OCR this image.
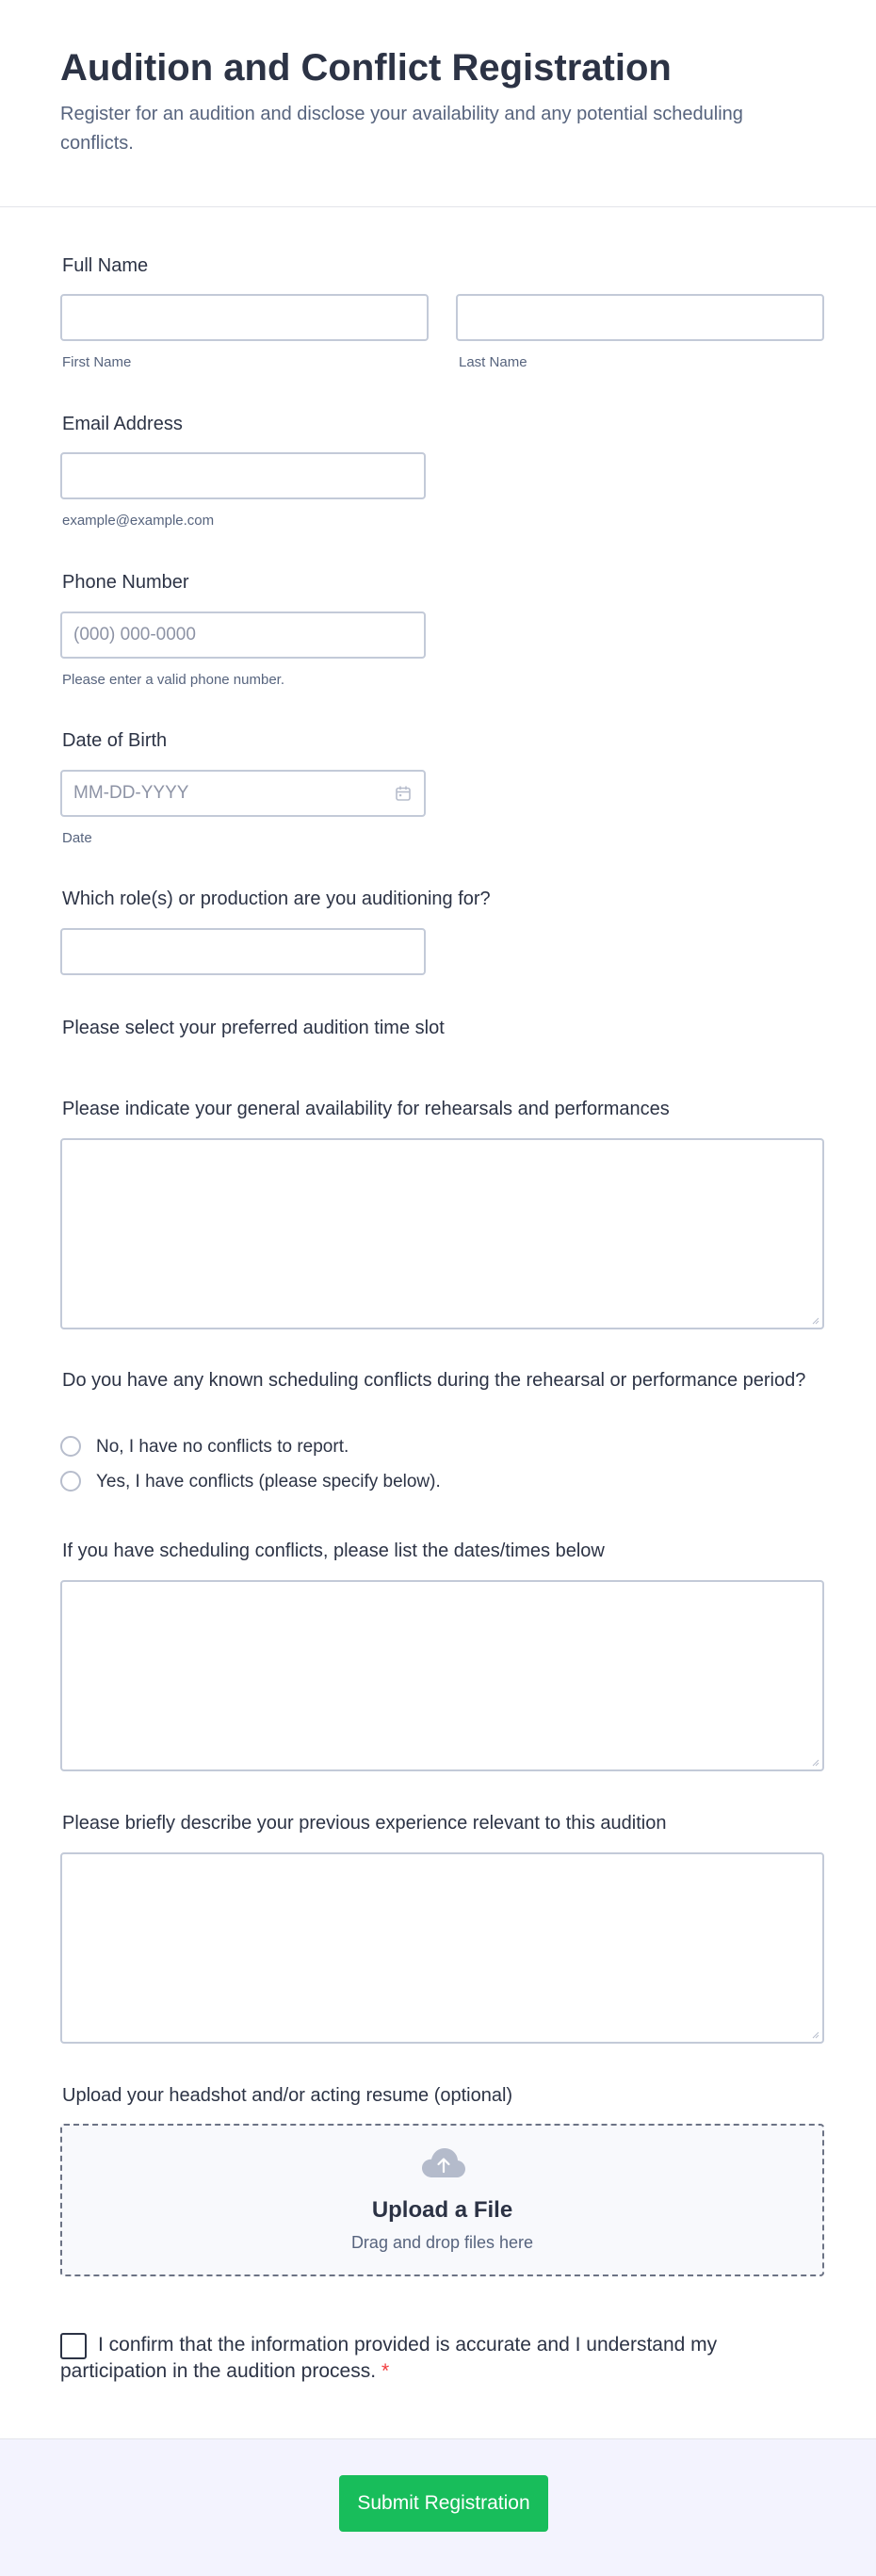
Audition and Conflict Registration

Register for an audition and disclose your availability and any potential scheduling conflicts.

Full Name
First Name	Last Name
Email Address
example@example.com
Phone Number
(000) 000-0000
Please enter a valid phone number.
Date of Birth
MM-DD-YYYY
Date
Which role(s) or production are you auditioning for?
Please select your preferred audition time slot
Please indicate your general availability for rehearsals and performances
Do you have any known scheduling conflicts during the rehearsal or performance period?
No, I have no conflicts to report.
Yes, I have conflicts (please specify below).
If you have scheduling conflicts, please list the dates/times below
Please briefly describe your previous experience relevant to this audition
Upload your headshot and/or acting resume (optional)
Upload a File
Drag and drop files here
I confirm that the information provided is accurate and I understand my participation in the audition process. *
Submit Registration
